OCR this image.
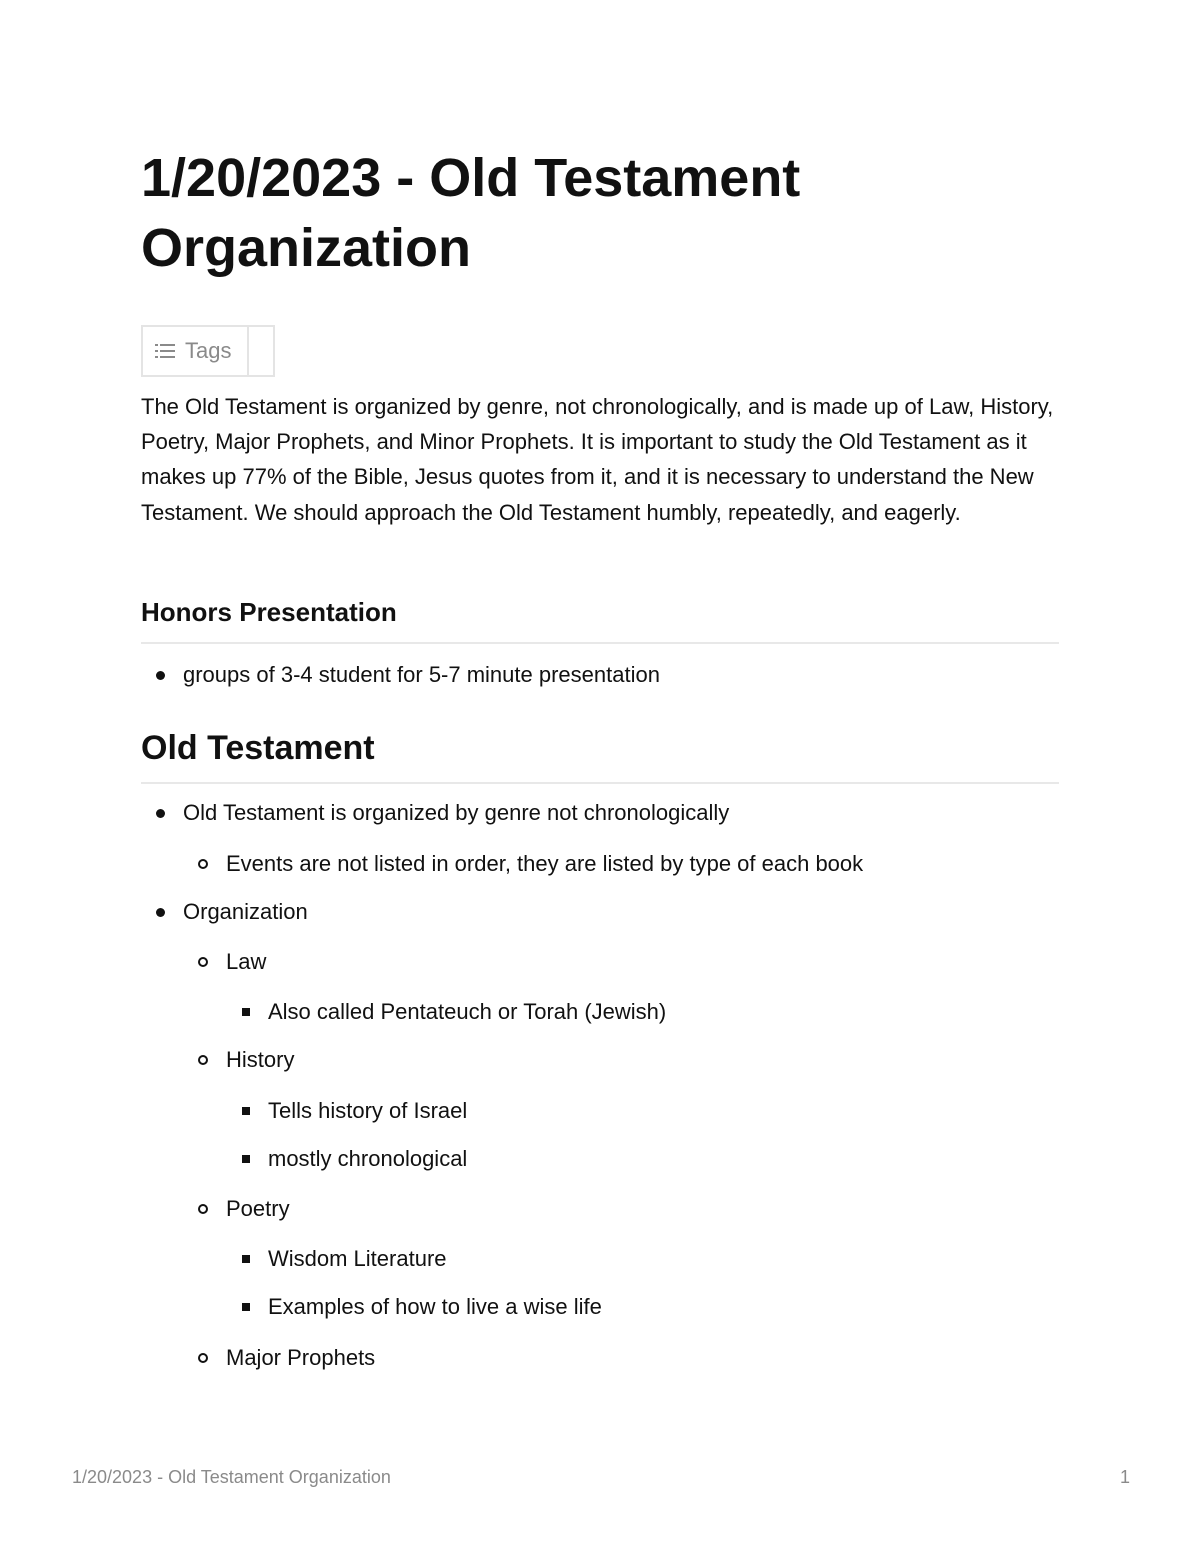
1/20/2023 - Old Testament Organization
Tags

The Old Testament is organized by genre, not chronologically, and is made up of Law, History, Poetry, Major Prophets, and Minor Prophets. It is important to study the Old Testament as it makes up 77% of the Bible, Jesus quotes from it, and it is necessary to understand the New Testament. We should approach the Old Testament humbly, repeatedly, and eagerly.

Honors Presentation
groups of 3-4 student for 5-7 minute presentation
Old Testament
Old Testament is organized by genre not chronologically
Events are not listed in order, they are listed by type of each book
Organization
Law
Also called Pentateuch or Torah (Jewish)
History
Tells history of Israel
mostly chronological
Poetry
Wisdom Literature
Examples of how to live a wise life
Major Prophets
1/20/2023 - Old Testament Organization	1
